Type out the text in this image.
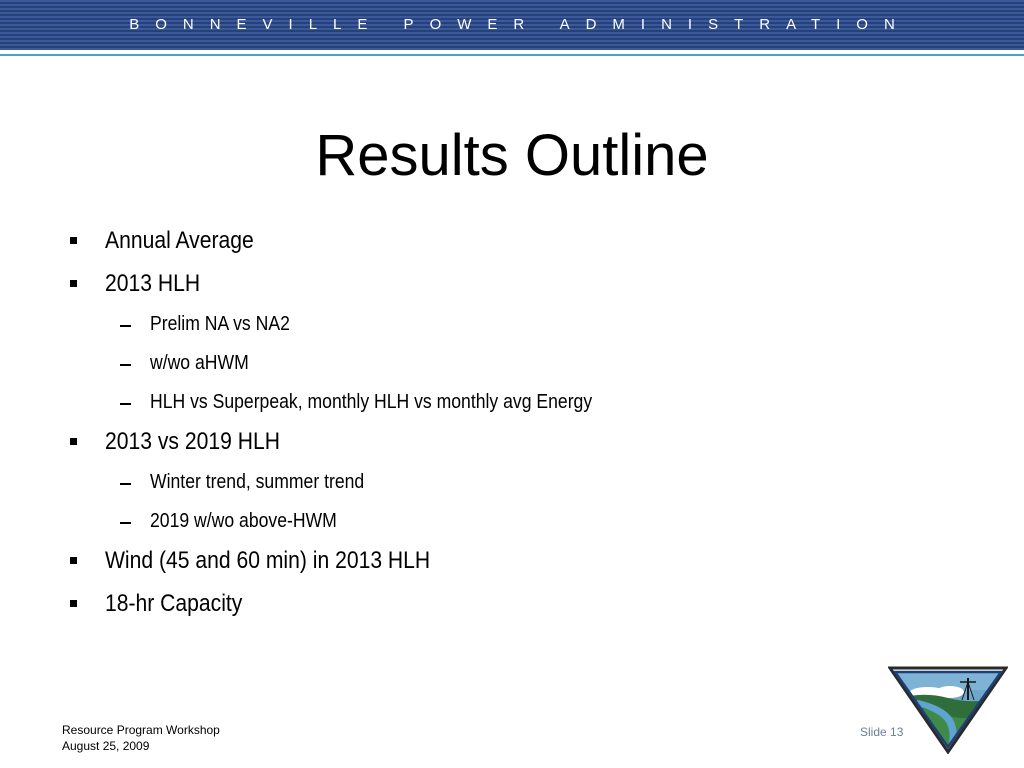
BONNEVILLE POWER ADMINISTRATION
Results Outline
Annual Average
2013 HLH
Prelim NA vs NA2
w/wo aHWM
HLH vs Superpeak, monthly HLH vs monthly avg Energy
2013 vs 2019 HLH
Winter trend, summer trend
2019 w/wo above-HWM
Wind (45 and 60 min) in 2013 HLH
18-hr Capacity
Resource Program Workshop
August 25, 2009
Slide 13
